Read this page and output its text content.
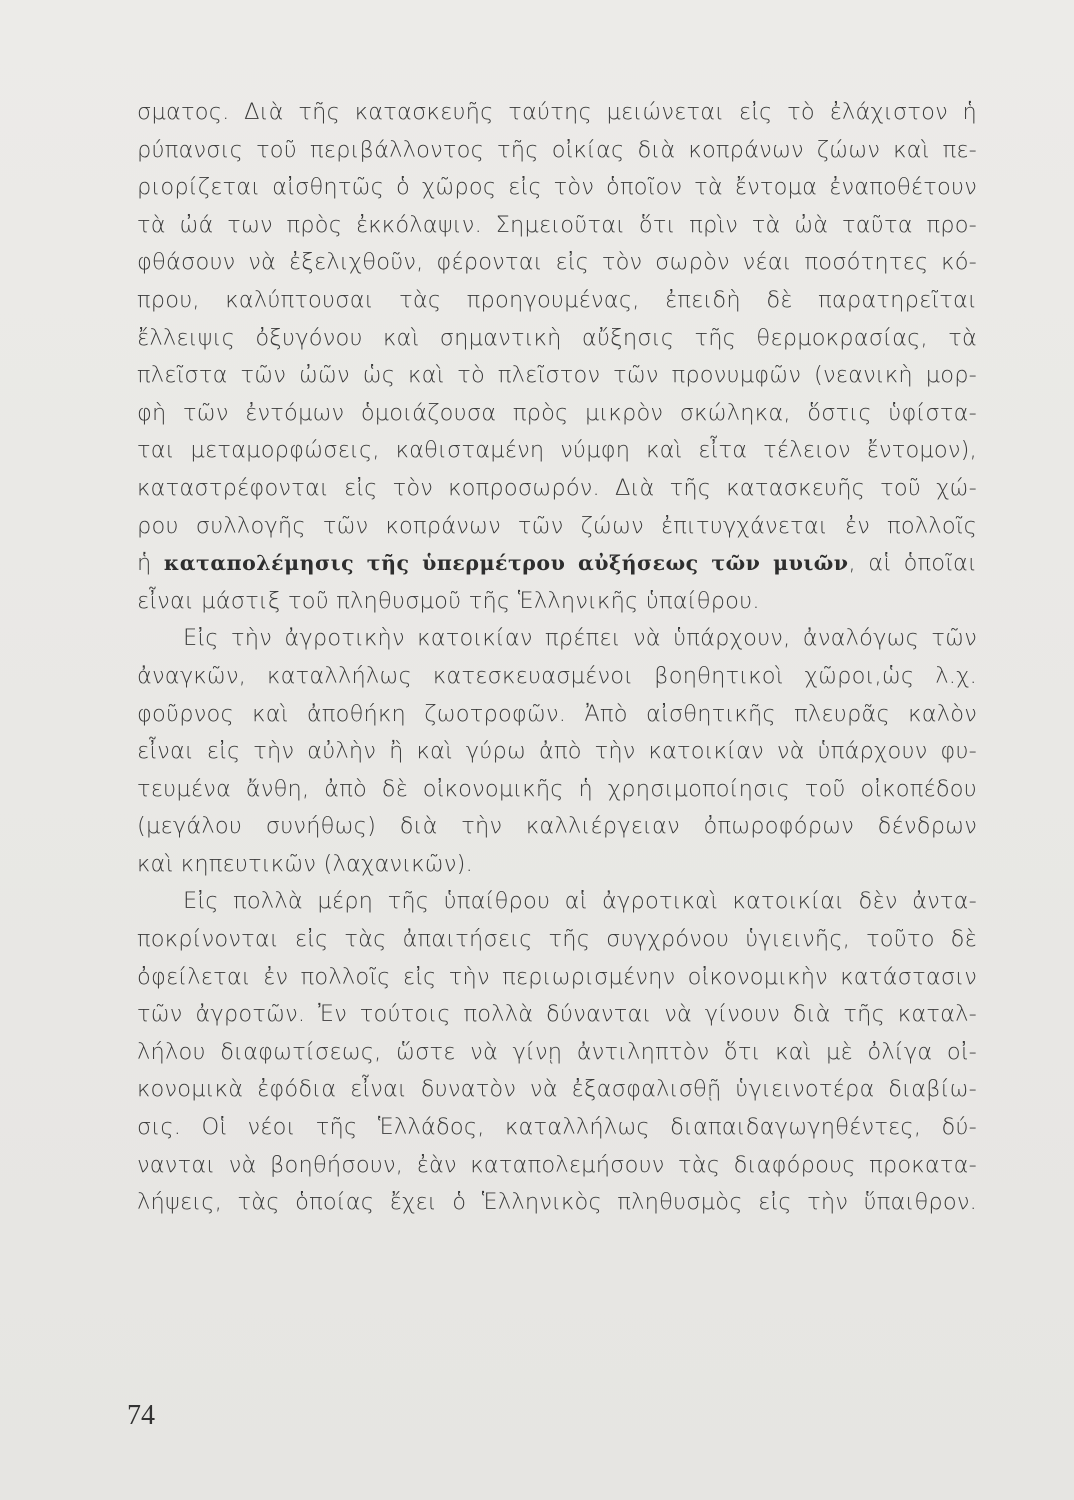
σματος. Διὰ τῆς κατασκευῆς ταύτης μειώνεται εἰς τὸ ἐλάχιστον ἡ
ρύπανσις τοῦ περιβάλλοντος τῆς οἰκίας διὰ κοπράνων ζώων καὶ πε-
ριορίζεται αἰσθητῶς ὁ χῶρος εἰς τὸν ὁποῖον τὰ ἔντομα ἐναποθέτουν
τὰ ὠά των πρὸς ἐκκόλαψιν. Σημειοῦται ὅτι πρὶν τὰ ὠὰ ταῦτα προ-
φθάσουν νὰ ἐξελιχθοῦν, φέρονται εἰς τὸν σωρὸν νέαι ποσότητες κό-
πρου, καλύπτουσαι τὰς προηγουμένας, ἐπειδὴ δὲ παρατηρεῖται
ἔλλειψις ὀξυγόνου καὶ σημαντικὴ αὔξησις τῆς θερμοκρασίας, τὰ
πλεῖστα τῶν ὠῶν ὡς καὶ τὸ πλεῖστον τῶν προνυμφῶν (νεανικὴ μορ-
φὴ τῶν ἐντόμων ὁμοιάζουσα πρὸς μικρὸν σκώληκα, ὅστις ὑφίστα-
ται μεταμορφώσεις, καθισταμένη νύμφη καὶ εἶτα τέλειον ἔντομον),
καταστρέφονται εἰς τὸν κοπροσωρόν. Διὰ τῆς κατασκευῆς τοῦ χώ-
ρου συλλογῆς τῶν κοπράνων τῶν ζώων ἐπιτυγχάνεται ἐν πολλοῖς
ἡ καταπολέμησις τῆς ὑπερμέτρου αὐξήσεως τῶν μυιῶν, αἱ ὁποῖαι
εἶναι μάστιξ τοῦ πληθυσμοῦ τῆς Ἑλληνικῆς ὑπαίθρου.
Εἰς τὴν ἀγροτικὴν κατοικίαν πρέπει νὰ ὑπάρχουν, ἀναλόγως τῶν
ἀναγκῶν, καταλλήλως κατεσκευασμένοι βοηθητικοὶ χῶροι,ὡς λ.χ.
φοῦρνος καὶ ἀποθήκη ζωοτροφῶν. Ἀπὸ αἰσθητικῆς πλευρᾶς καλὸν
εἶναι εἰς τὴν αὐλὴν ἢ καὶ γύρω ἀπὸ τὴν κατοικίαν νὰ ὑπάρχουν φυ-
τευμένα ἄνθη, ἀπὸ δὲ οἰκονομικῆς ἡ χρησιμοποίησις τοῦ οἰκοπέδου
(μεγάλου συνήθως) διὰ τὴν καλλιέργειαν ὀπωροφόρων δένδρων
καὶ κηπευτικῶν (λαχανικῶν).
Εἰς πολλὰ μέρη τῆς ὑπαίθρου αἱ ἀγροτικαὶ κατοικίαι δὲν ἀντα-
ποκρίνονται εἰς τὰς ἀπαιτήσεις τῆς συγχρόνου ὑγιεινῆς, τοῦτο δὲ
ὀφείλεται ἐν πολλοῖς εἰς τὴν περιωρισμένην οἰκονομικὴν κατάστασιν
τῶν ἀγροτῶν. Ἐν τούτοις πολλὰ δύνανται νὰ γίνουν διὰ τῆς καταλ-
λήλου διαφωτίσεως, ὥστε νὰ γίνῃ ἀντιληπτὸν ὅτι καὶ μὲ ὀλίγα οἰ-
κονομικὰ ἐφόδια εἶναι δυνατὸν νὰ ἐξασφαλισθῇ ὑγιεινοτέρα διαβίω-
σις. Οἱ νέοι τῆς Ἑλλάδος, καταλλήλως διαπαιδαγωγηθέντες, δύ-
νανται νὰ βοηθήσουν, ἐὰν καταπολεμήσουν τὰς διαφόρους προκατα-
λήψεις, τὰς ὁποίας ἔχει ὁ Ἑλληνικὸς πληθυσμὸς εἰς τὴν ὕπαιθρον.
74
